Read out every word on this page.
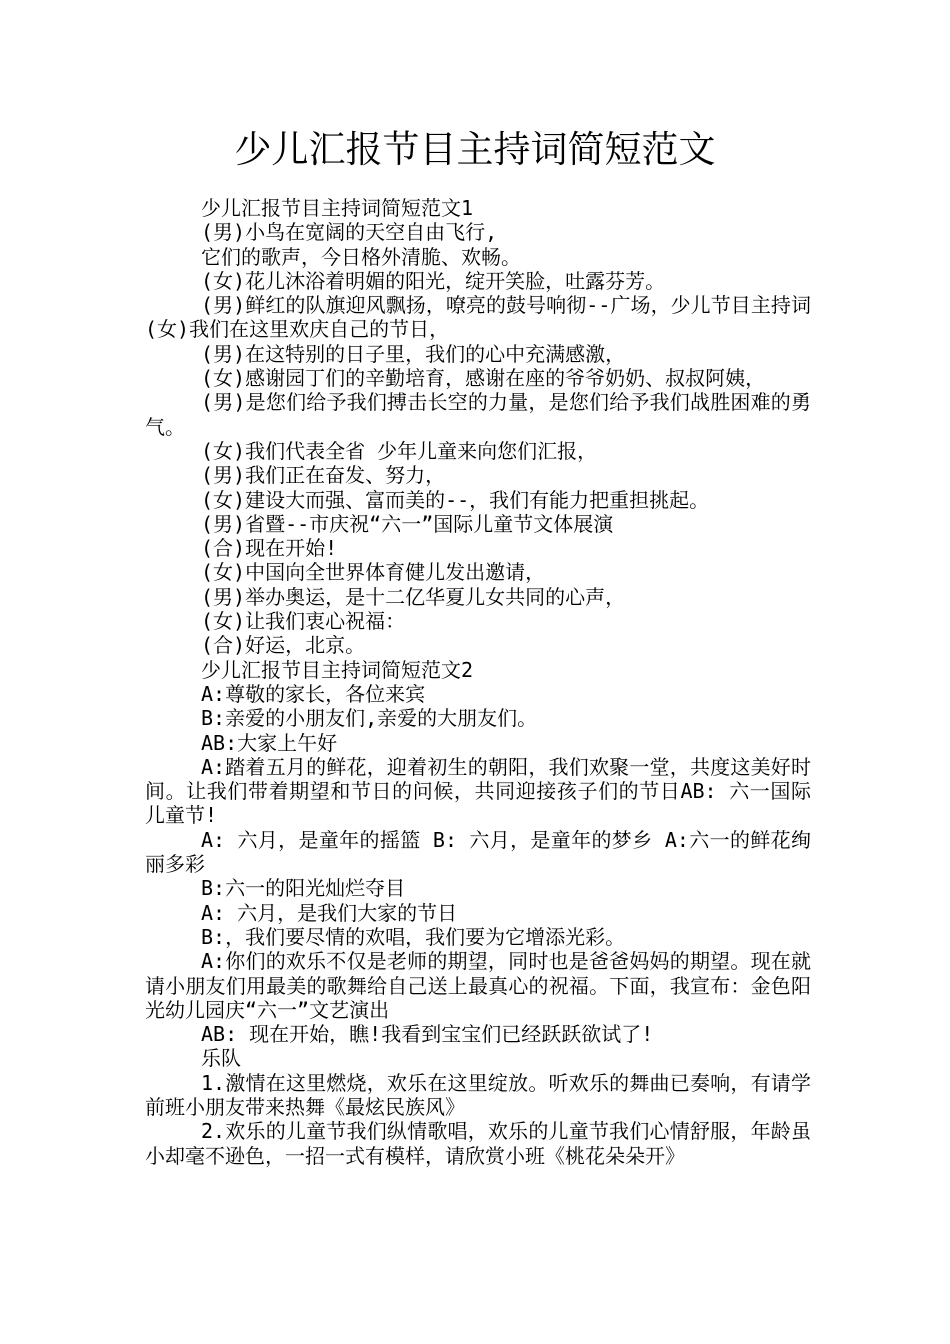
少儿汇报节目主持词简短范文

少儿汇报节目主持词简短范文1

(男)小鸟在宽阔的天空自由飞行,

它们的歌声，今日格外清脆、欢畅。

(女)花儿沐浴着明媚的阳光，绽开笑脸，吐露芬芳。

(男)鲜红的队旗迎风飘扬，嘹亮的鼓号响彻--广场，少儿节目主持词(女)我们在这里欢庆自己的节日，

(男)在这特别的日子里，我们的心中充满感激，

(女)感谢园丁们的辛勤培育，感谢在座的爷爷奶奶、叔叔阿姨，

(男)是您们给予我们搏击长空的力量，是您们给予我们战胜困难的勇气。

(女)我们代表全省 少年儿童来向您们汇报，

(男)我们正在奋发、努力，

(女)建设大而强、富而美的--，我们有能力把重担挑起。

(男)省暨--市庆祝“六一”国际儿童节文体展演

(合)现在开始!

(女)中国向全世界体育健儿发出邀请，

(男)举办奥运，是十二亿华夏儿女共同的心声，

(女)让我们衷心祝福：

(合)好运，北京。

少儿汇报节目主持词简短范文2

A:尊敬的家长，各位来宾

B:亲爱的小朋友们,亲爱的大朋友们。

AB:大家上午好

A:踏着五月的鲜花，迎着初生的朝阳，我们欢聚一堂，共度这美好时间。让我们带着期望和节日的问候，共同迎接孩子们的节日AB: 六一国际儿童节!

A: 六月，是童年的摇篮 B: 六月，是童年的梦乡 A:六一的鲜花绚丽多彩

B:六一的阳光灿烂夺目

A: 六月，是我们大家的节日

B:，我们要尽情的欢唱，我们要为它增添光彩。

A:你们的欢乐不仅是老师的期望，同时也是爸爸妈妈的期望。现在就请小朋友们用最美的歌舞给自己送上最真心的祝福。下面，我宣布：金色阳光幼儿园庆“六一”文艺演出

AB: 现在开始，瞧!我看到宝宝们已经跃跃欲试了!

乐队

1.激情在这里燃烧，欢乐在这里绽放。听欢乐的舞曲已奏响，有请学前班小朋友带来热舞《最炫民族风》

2.欢乐的儿童节我们纵情歌唱，欢乐的儿童节我们心情舒服，年龄虽小却毫不逊色，一招一式有模样，请欣赏小班《桃花朵朵开》
